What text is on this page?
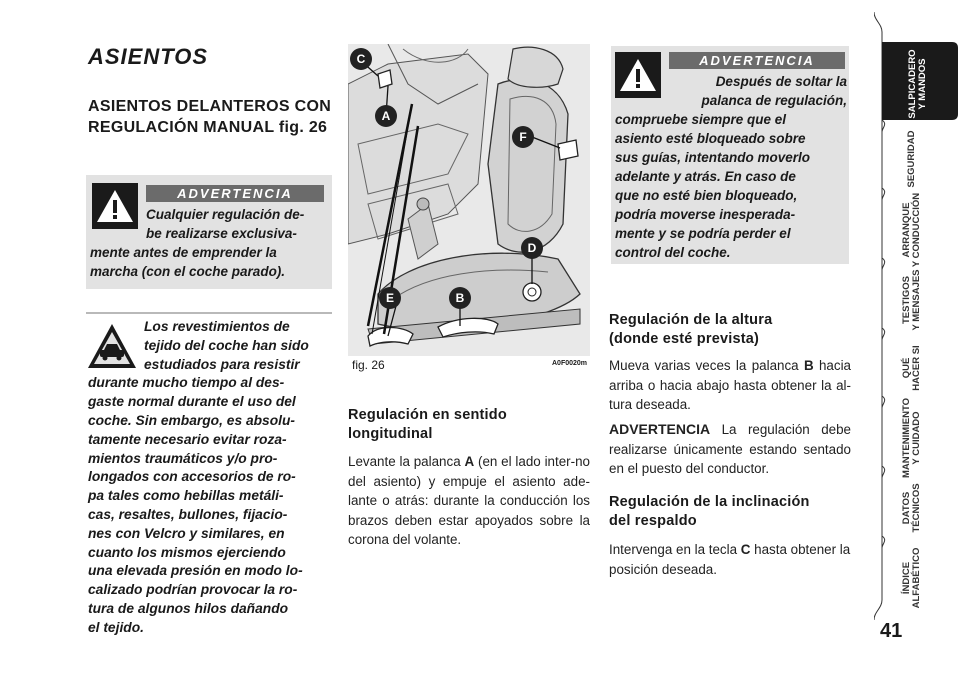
ASIENTOS
ASIENTOS DELANTEROS CON REGULACIÓN MANUAL fig. 26
ADVERTENCIA
Cualquier regulación de-
be realizarse exclusiva-
mente antes de emprender la
marcha (con el coche parado).
Los revestimientos de
tejido del coche han sido
estudiados para resistir
durante mucho tiempo al des-
gaste normal durante el uso del
coche. Sin embargo, es absolu-
tamente necesario evitar roza-
mientos traumáticos y/o pro-
longados con accesorios de ro-
pa tales como hebillas metáli-
cas, resaltes, bullones, fijacio-
nes con Velcro y similares, en
cuanto los mismos ejerciendo
una elevada presión en modo lo-
calizado podrían provocar la ro-
tura de algunos hilos dañando
el tejido.
C
A
F
D
E	B
fig. 26	A0F0020m
Regulación en sentido
longitudinal
Levante la palanca A (en el lado inter-no del asiento) y empuje el asiento ade-lante o atrás: durante la conducción los brazos deben estar apoyados sobre la corona del volante.
ADVERTENCIA
Después de soltar la
palanca de regulación,
compruebe siempre que el
asiento esté bloqueado sobre
sus guías, intentando moverlo
adelante y atrás. En caso de
que no esté bien bloqueado,
podría moverse inesperada-
mente y se podría perder el
control del coche.
Regulación de la altura
(donde esté prevista)
Mueva varias veces la palanca B hacia arriba o hacia abajo hasta obtener la al-tura deseada.
ADVERTENCIA La regulación debe realizarse únicamente estando sentado en el puesto del conductor.
Regulación de la inclinación
del respaldo
Intervenga en la tecla C hasta obtener la posición deseada.
SALPICADERO Y MANDOS
SEGURIDAD
ARRANQUE Y CONDUCCIÓN
TESTIGOS Y MENSAJES
QUÉ HACER SI
MANTENIMIENTO Y CUIDADO
DATOS TÉCNICOS
ÍNDICE ALFABÉTICO
41
